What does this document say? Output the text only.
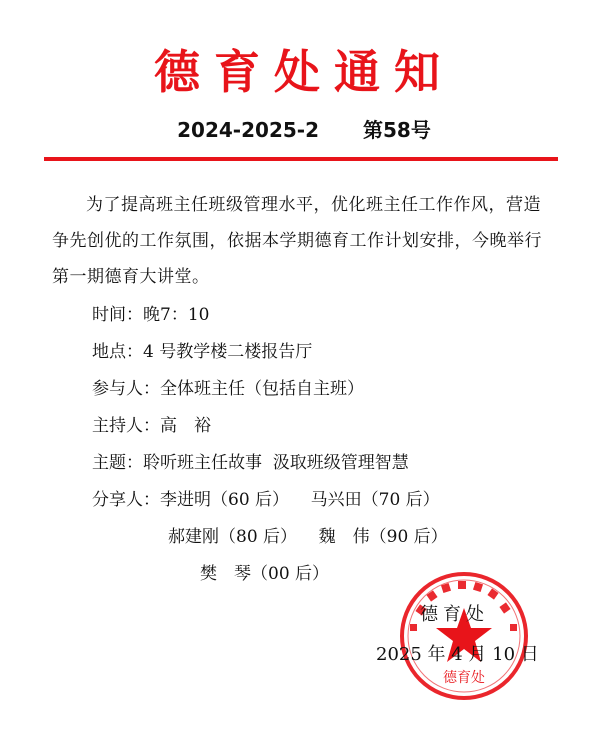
德育处通知
2024-2025-2 第58号
为了提高班主任班级管理水平，优化班主任工作作风，营造争先创优的工作氛围，依据本学期德育工作计划安排，今晚举行第一期德育大讲堂。
时间：晚7：10
地点：4 号教学楼二楼报告厅
参与人：全体班主任（包括自主班）
主持人：高　裕
主题：聆听班主任故事  汲取班级管理智慧
分享人：李进明（60 后）    马兴田（70 后）
郝建刚（80 后）    魏　伟（90 后）
樊　琴（00 后）
德育处
德育处
2025 年 4 月 10 日
